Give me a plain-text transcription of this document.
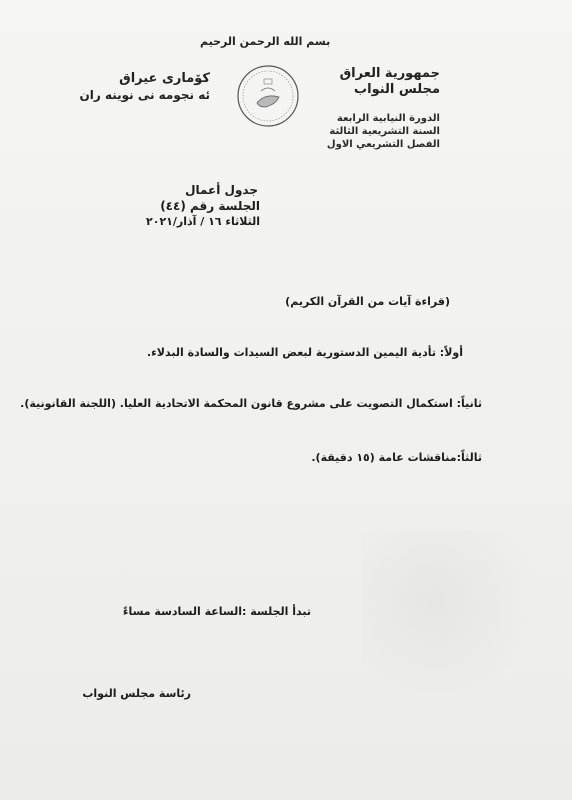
بسم الله الرحمن الرحيم
جمهورية العراق
مجلس النواب
الدورة النيابية الرابعة
السنة التشريعية الثالثة
الفصل التشريعي الاول
كۆماری عیراق
ئه نجومه نی نوینه ران
جدول أعمال
الجلسة رقم (٤٤)
الثلاثاء ١٦ / آذار/٢٠٢١
(قراءة آيات من القرآن الكريم)
أولاً: تأدية اليمين الدستورية لبعض السيدات والسادة البدلاء.
ثانياً: استكمال التصويت على مشروع قانون المحكمة الاتحادية العليا. (اللجنة القانونية).
ثالثاً:مناقشات عامة (١٥ دقيقة).
تبدأ الجلسة :الساعة السادسة مساءً
رئاسة مجلس النواب
